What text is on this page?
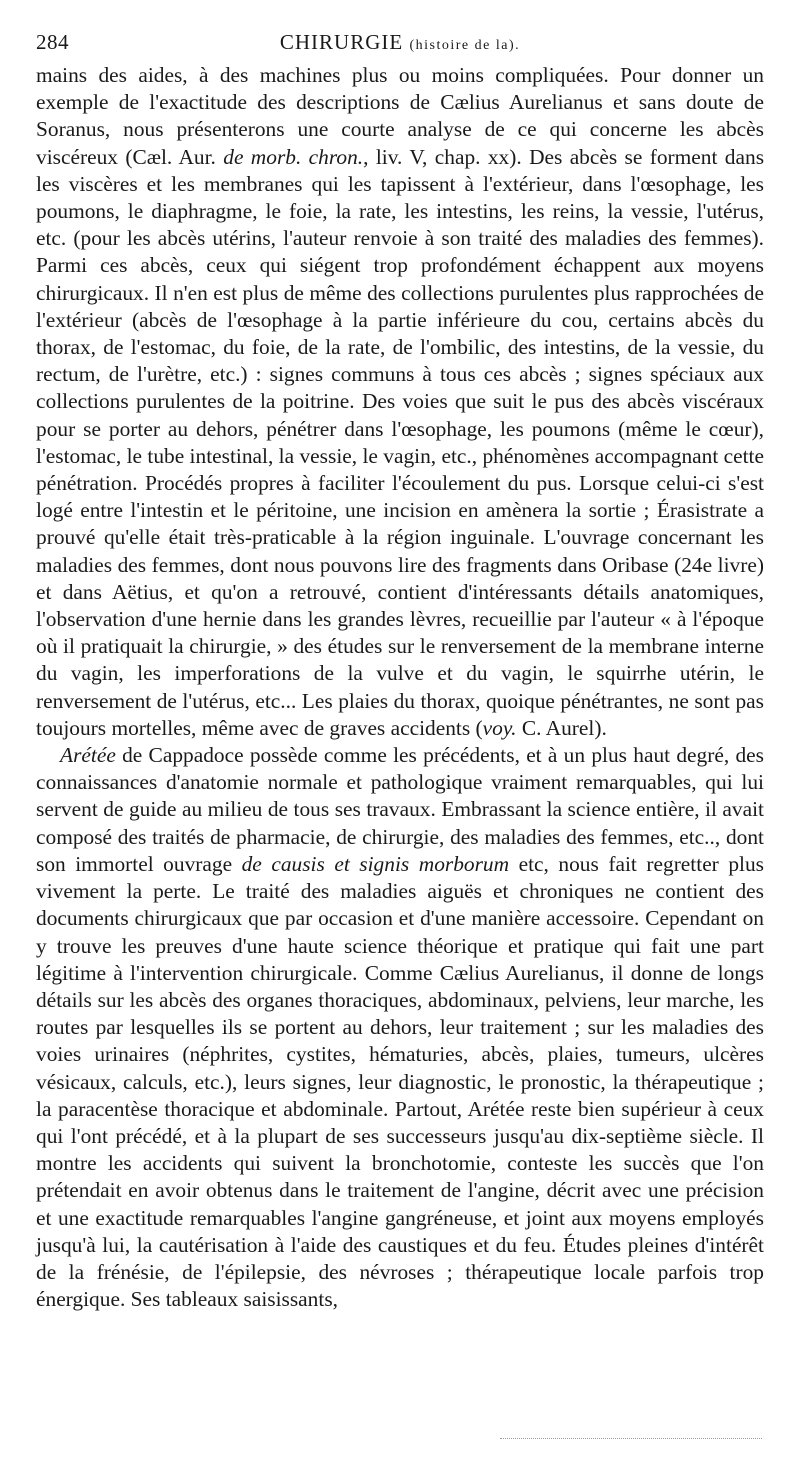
284	CHIRURGIE (histoire de la).

mains des aides, à des machines plus ou moins compliquées. Pour donner un exemple de l'exactitude des descriptions de Cælius Aurelianus et sans doute de Soranus, nous présenterons une courte analyse de ce qui concerne les abcès viscéreux (Cæl. Aur. de morb. chron., liv. V, chap. xx). Des abcès se forment dans les viscères et les membranes qui les tapissent à l'extérieur, dans l'œsophage, les poumons, le diaphragme, le foie, la rate, les intestins, les reins, la vessie, l'utérus, etc. (pour les abcès utérins, l'auteur renvoie à son traité des maladies des femmes). Parmi ces abcès, ceux qui siégent trop profondément échappent aux moyens chirurgicaux. Il n'en est plus de même des collections purulentes plus rapprochées de l'extérieur (abcès de l'œsophage à la partie inférieure du cou, certains abcès du thorax, de l'estomac, du foie, de la rate, de l'ombilic, des intestins, de la vessie, du rectum, de l'urètre, etc.) : signes communs à tous ces abcès ; signes spéciaux aux collections purulentes de la poitrine. Des voies que suit le pus des abcès viscéraux pour se porter au dehors, pénétrer dans l'œsophage, les poumons (même le cœur), l'estomac, le tube intestinal, la vessie, le vagin, etc., phénomènes accompagnant cette pénétration. Procédés propres à faciliter l'écoulement du pus. Lorsque celui-ci s'est logé entre l'intestin et le péritoine, une incision en amènera la sortie ; Érasistrate a prouvé qu'elle était très-praticable à la région inguinale. L'ouvrage concernant les maladies des femmes, dont nous pouvons lire des fragments dans Oribase (24e livre) et dans Aëtius, et qu'on a retrouvé, contient d'intéressants détails anatomiques, l'observation d'une hernie dans les grandes lèvres, recueillie par l'auteur « à l'époque où il pratiquait la chirurgie, » des études sur le renversement de la membrane interne du vagin, les imperforations de la vulve et du vagin, le squirrhe utérin, le renversement de l'utérus, etc... Les plaies du thorax, quoique pénétrantes, ne sont pas toujours mortelles, même avec de graves accidents (voy. C. Aurel).

Arétée de Cappadoce possède comme les précédents, et à un plus haut degré, des connaissances d'anatomie normale et pathologique vraiment remarquables, qui lui servent de guide au milieu de tous ses travaux. Embrassant la science entière, il avait composé des traités de pharmacie, de chirurgie, des maladies des femmes, etc.., dont son immortel ouvrage de causis et signis morborum etc, nous fait regretter plus vivement la perte. Le traité des maladies aiguës et chroniques ne contient des documents chirurgicaux que par occasion et d'une manière accessoire. Cependant on y trouve les preuves d'une haute science théorique et pratique qui fait une part légitime à l'intervention chirurgicale. Comme Cælius Aurelianus, il donne de longs détails sur les abcès des organes thoraciques, abdominaux, pelviens, leur marche, les routes par lesquelles ils se portent au dehors, leur traitement ; sur les maladies des voies urinaires (néphrites, cystites, hématuries, abcès, plaies, tumeurs, ulcères vésicaux, calculs, etc.), leurs signes, leur diagnostic, le pronostic, la thérapeutique ; la paracentèse thoracique et abdominale. Partout, Arétée reste bien supérieur à ceux qui l'ont précédé, et à la plupart de ses successeurs jusqu'au dix-septième siècle. Il montre les accidents qui suivent la bronchotomie, conteste les succès que l'on prétendait en avoir obtenus dans le traitement de l'angine, décrit avec une précision et une exactitude remarquables l'angine gangréneuse, et joint aux moyens employés jusqu'à lui, la cautérisation à l'aide des caustiques et du feu. Études pleines d'intérêt de la frénésie, de l'épilepsie, des névroses ; thérapeutique locale parfois trop énergique. Ses tableaux saisissants,
